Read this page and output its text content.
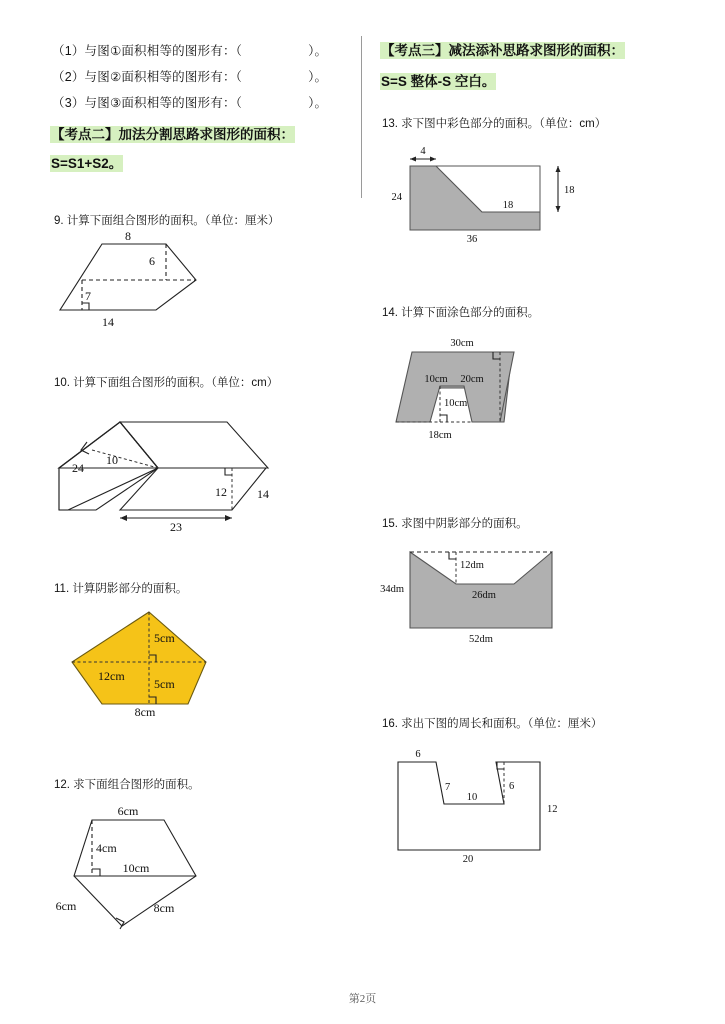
（1）与图①面积相等的图形有：（	）。
（2）与图②面积相等的图形有：（	）。
（3）与图③面积相等的图形有：（	）。
【考点二】加法分割思路求图形的面积：
S=S1+S2。
9. 计算下面组合图形的面积。（单位：厘米）
8
6
7
14
10. 计算下面组合图形的面积。（单位：cm）
24
10
12	14
23
11. 计算阴影部分的面积。
5cm
12cm
5cm
8cm
12. 求下面组合图形的面积。
6cm
4cm
10cm
6cm	8cm
【考点三】减法添补思路求图形的面积：
S=S 整体-S 空白。
13. 求下图中彩色部分的面积。（单位：cm）
4
18
24
18
36
14. 计算下面涂色部分的面积。
30cm
10cm 20cm
10cm
18cm
15. 求图中阴影部分的面积。
34dm
12dm
26dm
52dm
16. 求出下图的周长和面积。（单位：厘米）
6
7
10
6
12
20
第2页
